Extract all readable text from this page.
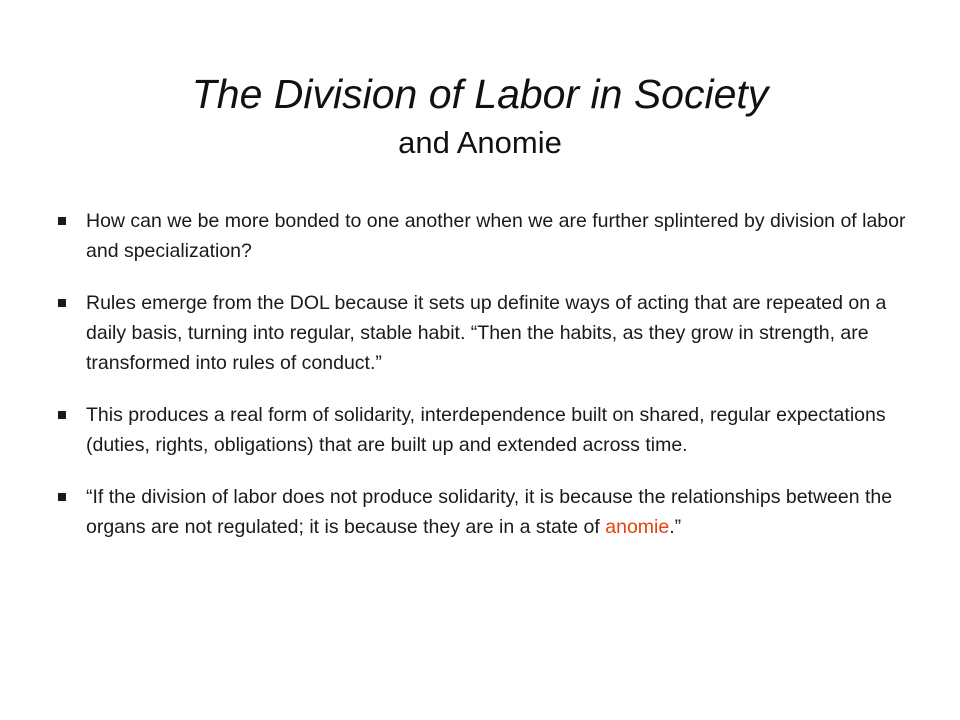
The Division of Labor in Society
and Anomie
How can we be more bonded to one another when we are further splintered by division of labor and specialization?
Rules emerge from the DOL because it sets up definite ways of acting that are repeated on a daily basis, turning into regular, stable habit. “Then the habits, as they grow in strength, are transformed into rules of conduct.”
This produces a real form of solidarity, interdependence built on shared, regular expectations (duties, rights, obligations) that are built up and extended across time.
“If the division of labor does not produce solidarity, it is because the relationships between the organs are not regulated; it is because they are in a state of anomie.”
